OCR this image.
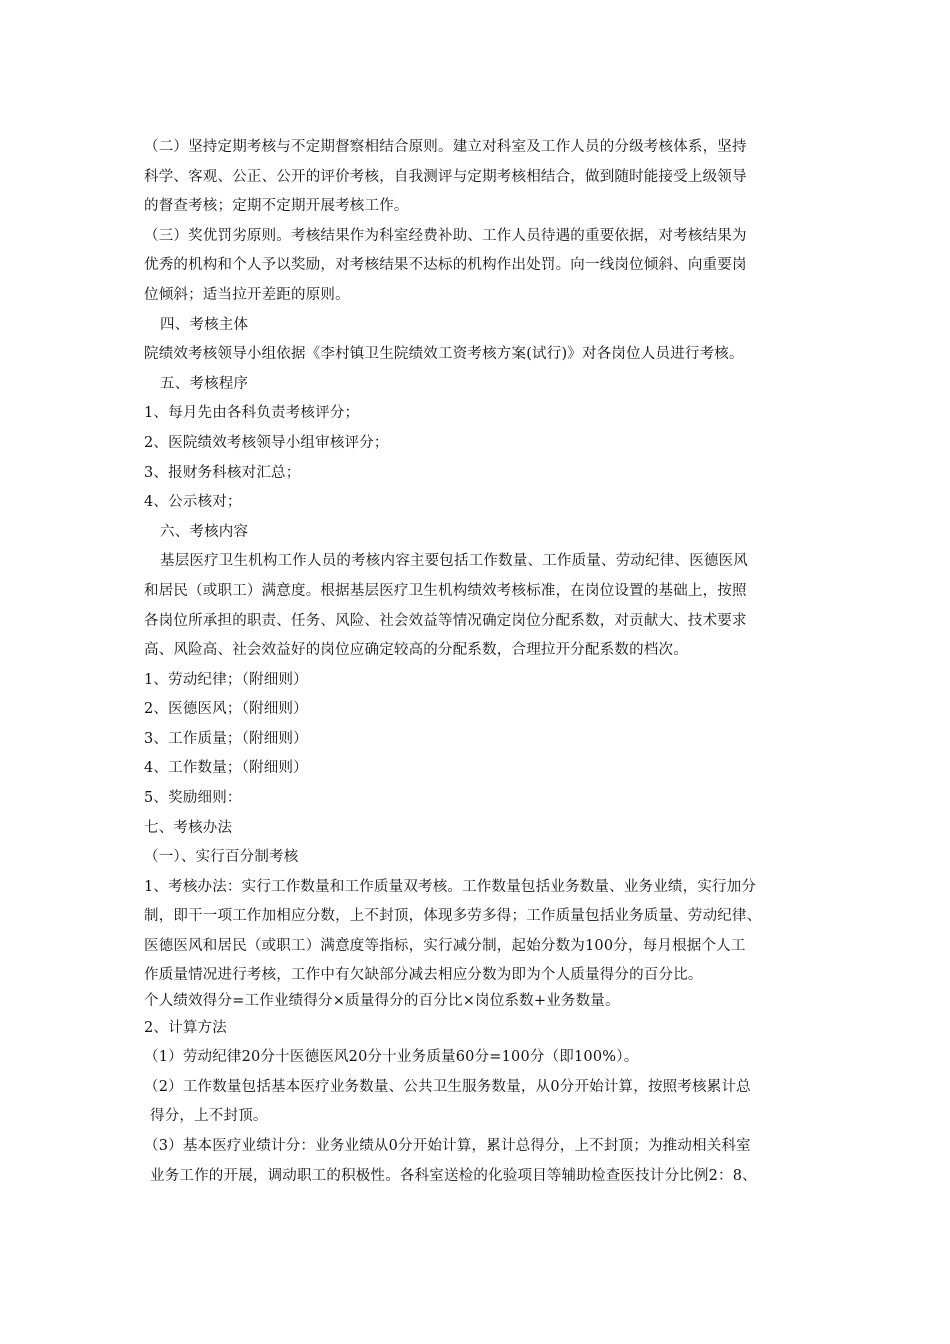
（二）坚持定期考核与不定期督察相结合原则。建立对科室及工作人员的分级考核体系，坚持
科学、客观、公正、公开的评价考核，自我测评与定期考核相结合，做到随时能接受上级领导
的督查考核；定期不定期开展考核工作。
（三）奖优罚劣原则。考核结果作为科室经费补助、工作人员待遇的重要依据，对考核结果为
优秀的机构和个人予以奖励，对考核结果不达标的机构作出处罚。向一线岗位倾斜、向重要岗
位倾斜；适当拉开差距的原则。
四、考核主体
院绩效考核领导小组依据《李村镇卫生院绩效工资考核方案(试行)》对各岗位人员进行考核。
五、考核程序
1、每月先由各科负责考核评分；
2、医院绩效考核领导小组审核评分；
3、报财务科核对汇总；
4、公示核对；
六、考核内容
基层医疗卫生机构工作人员的考核内容主要包括工作数量、工作质量、劳动纪律、医德医风
和居民（或职工）满意度。根据基层医疗卫生机构绩效考核标准，在岗位设置的基础上，按照
各岗位所承担的职责、任务、风险、社会效益等情况确定岗位分配系数，对贡献大、技术要求
高、风险高、社会效益好的岗位应确定较高的分配系数，合理拉开分配系数的档次。
1、劳动纪律；（附细则）
2、医德医风；（附细则）
3、工作质量；（附细则）
4、工作数量；（附细则）
5、奖励细则：
七、考核办法
（一）、实行百分制考核
1、考核办法：实行工作数量和工作质量双考核。工作数量包括业务数量、业务业绩，实行加分
制，即干一项工作加相应分数，上不封顶，体现多劳多得；工作质量包括业务质量、劳动纪律、
医德医风和居民（或职工）满意度等指标，实行减分制，起始分数为100分，每月根据个人工
作质量情况进行考核，工作中有欠缺部分减去相应分数为即为个人质量得分的百分比。
个人绩效得分=工作业绩得分×质量得分的百分比×岗位系数+业务数量。
2、计算方法
（1）劳动纪律20分十医德医风20分十业务质量60分=100分（即100%）。
（2）工作数量包括基本医疗业务数量、公共卫生服务数量，从0分开始计算，按照考核累计总
得分，上不封顶。
（3）基本医疗业绩计分：业务业绩从0分开始计算，累计总得分，上不封顶；为推动相关科室
业务工作的开展，调动职工的积极性。各科室送检的化验项目等辅助检查医技计分比例2：8、
